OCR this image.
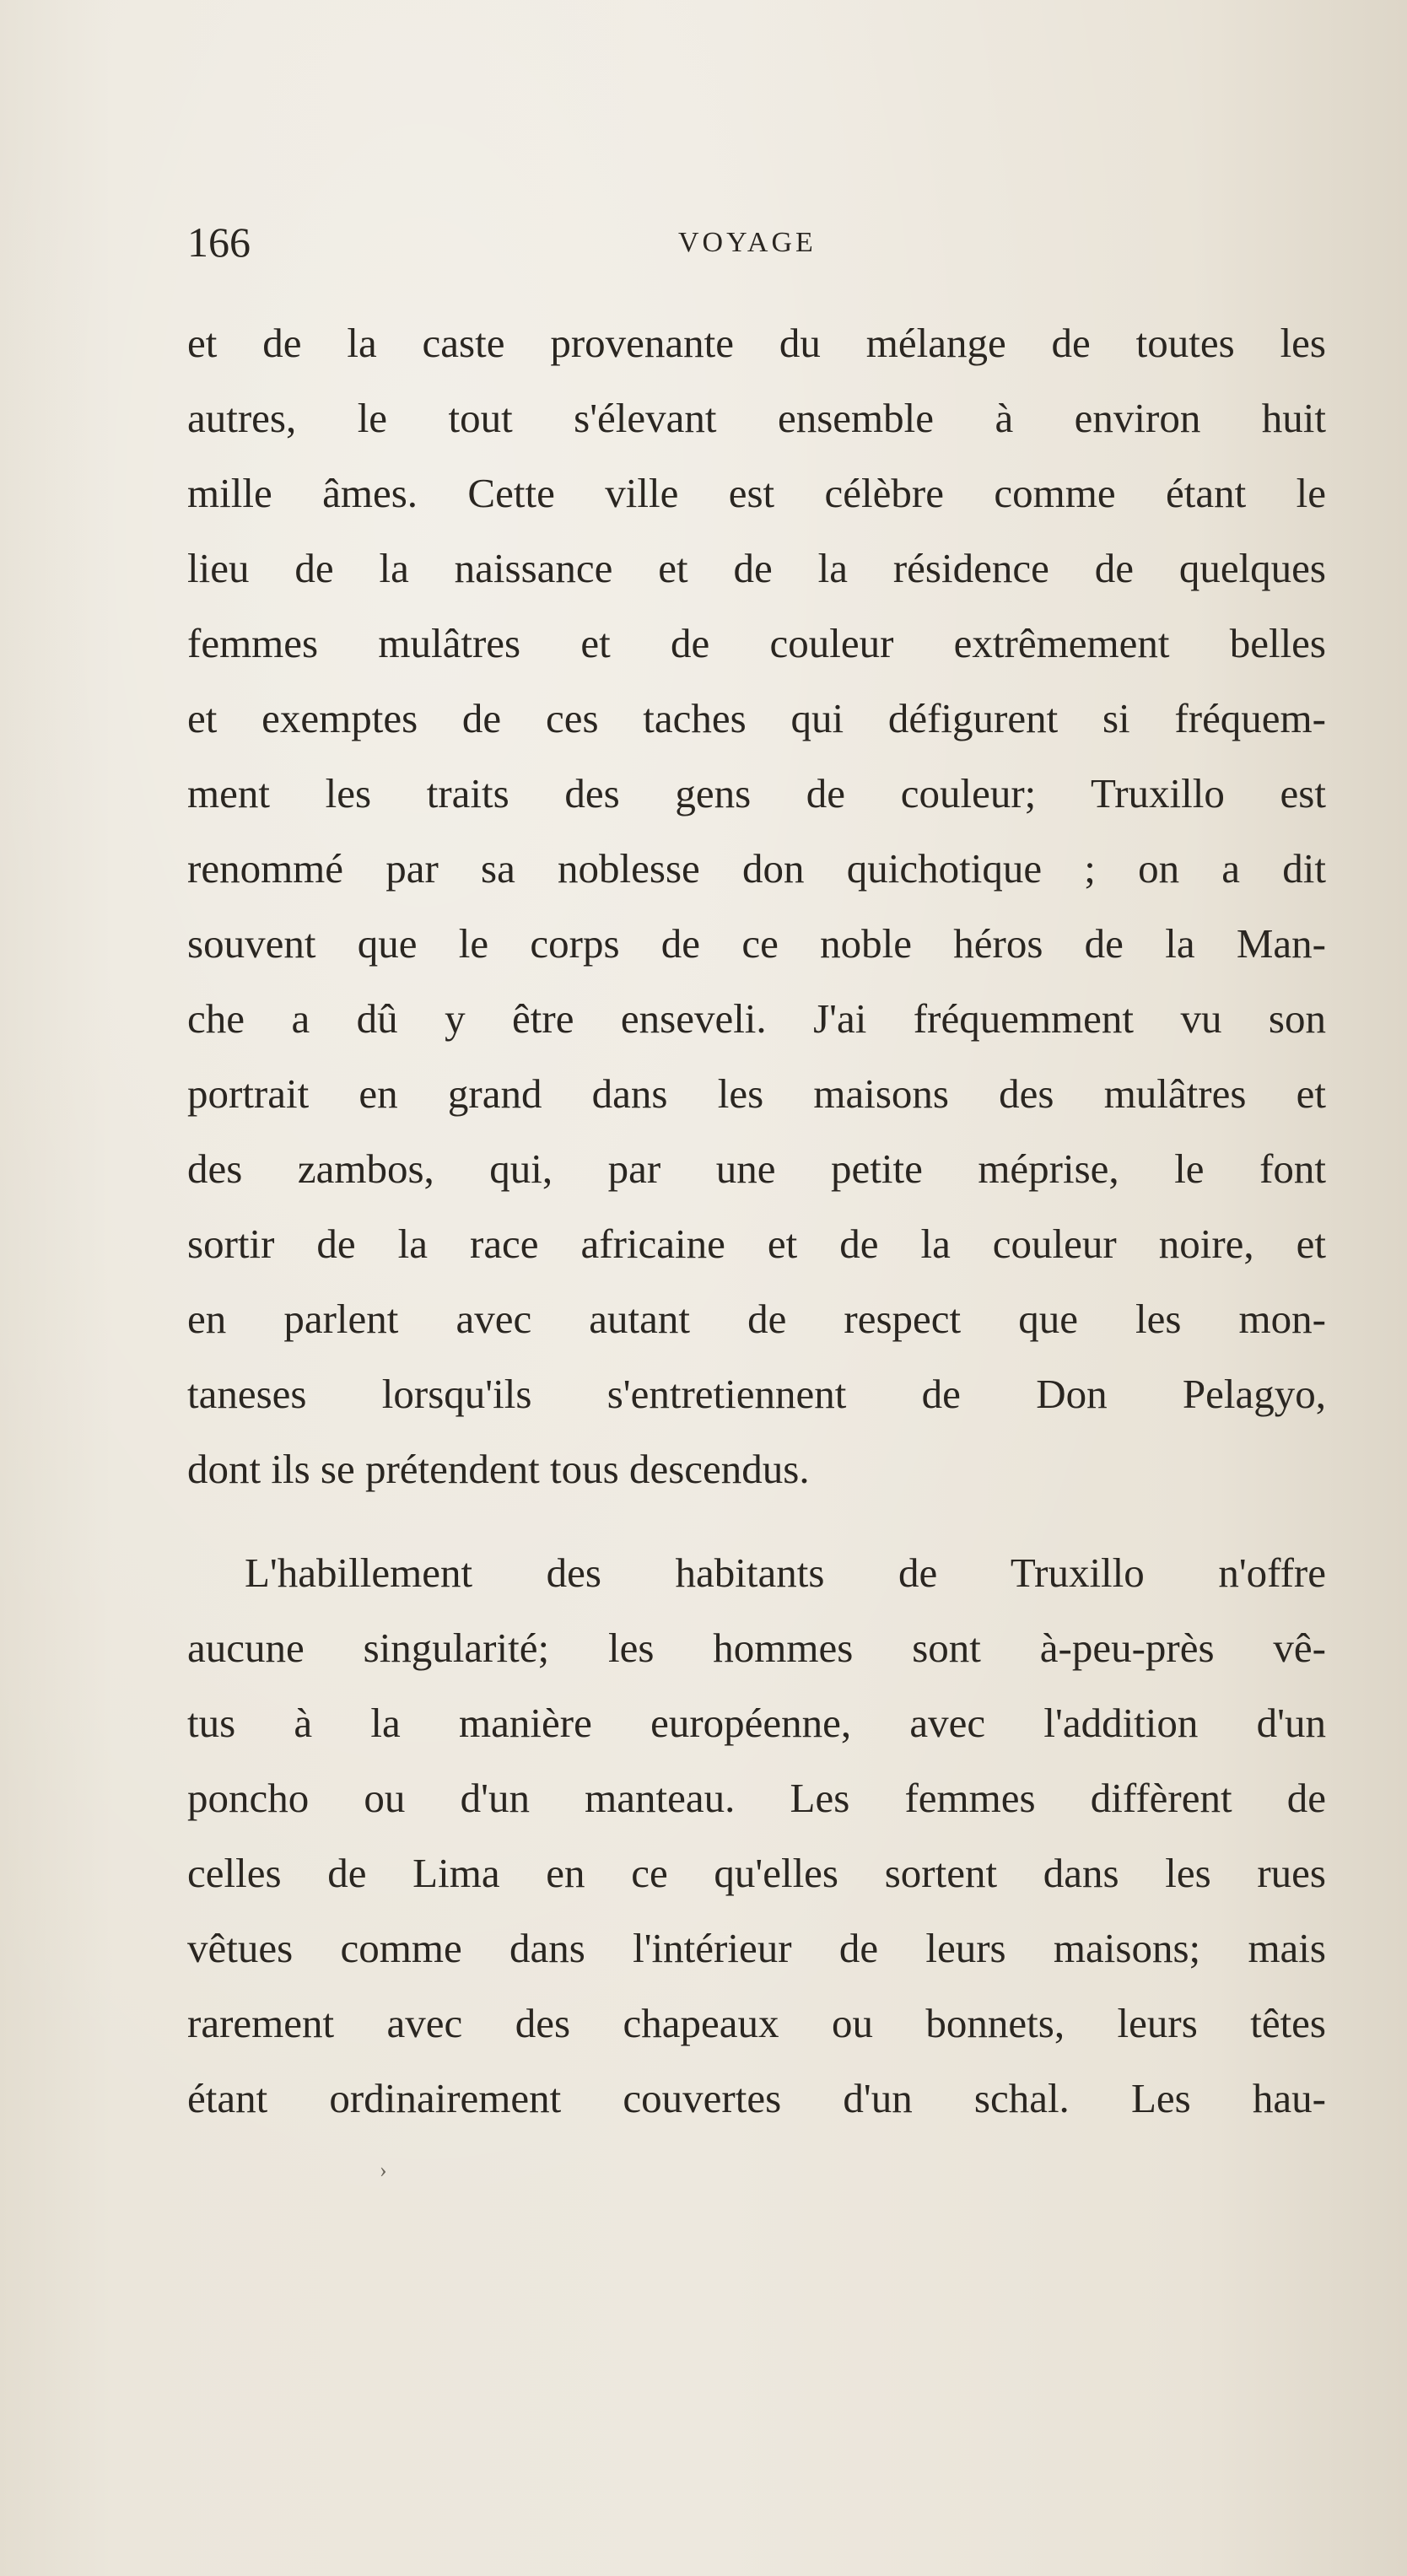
166	VOYAGE
et de la caste provenante du mélange de toutes les
autres, le tout s'élevant ensemble à environ huit
mille âmes. Cette ville est célèbre comme étant le
lieu de la naissance et de la résidence de quelques
femmes mulâtres et de couleur extrêmement belles
et exemptes de ces taches qui défigurent si fréquem-
ment les traits des gens de couleur; Truxillo est
renommé par sa noblesse don quichotique ; on a dit
souvent que le corps de ce noble héros de la Man-
che a dû y être enseveli. J'ai fréquemment vu son
portrait en grand dans les maisons des mulâtres et
des zambos, qui, par une petite méprise, le font
sortir de la race africaine et de la couleur noire, et
en parlent avec autant de respect que les mon-
taneses lorsqu'ils s'entretiennent de Don Pelagyo,
dont ils se prétendent tous descendus.
L'habillement des habitants de Truxillo n'offre
aucune singularité; les hommes sont à-peu-près vê-
tus à la manière européenne, avec l'addition d'un
poncho ou d'un manteau. Les femmes diffèrent de
celles de Lima en ce qu'elles sortent dans les rues
vêtues comme dans l'intérieur de leurs maisons; mais
rarement avec des chapeaux ou bonnets, leurs têtes
étant ordinairement couvertes d'un schal. Les hau-
›
